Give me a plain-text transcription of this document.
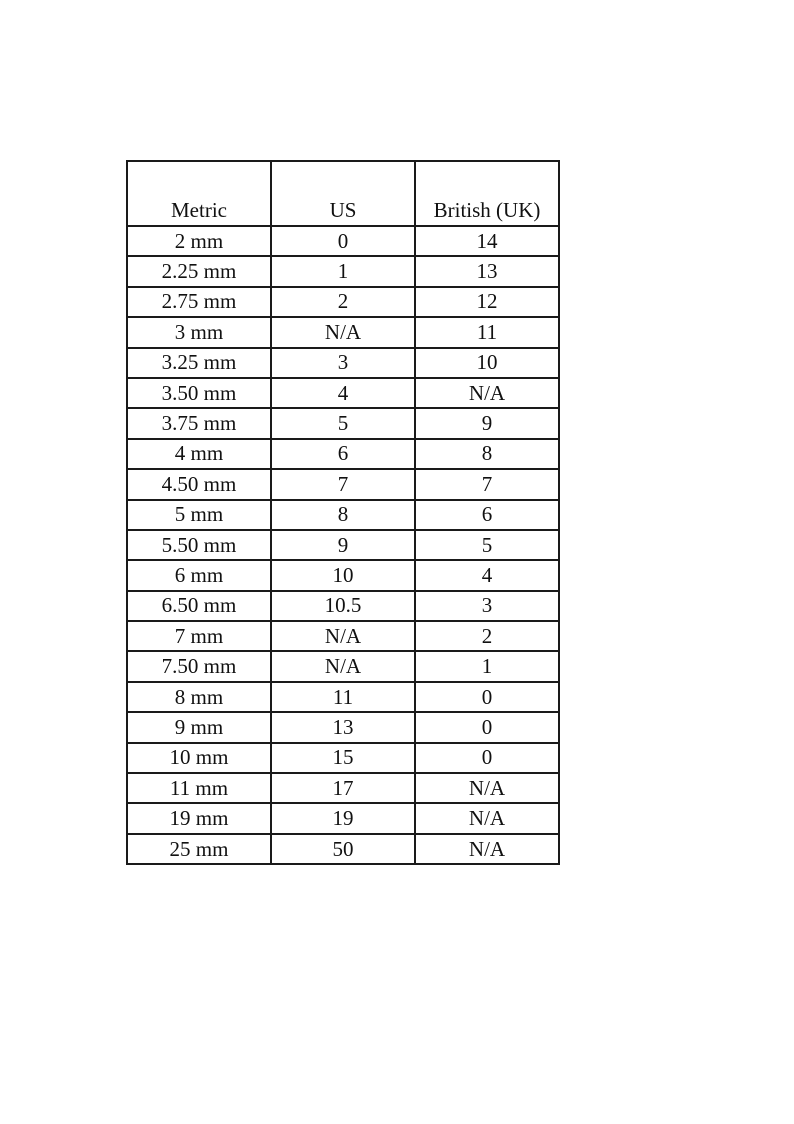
Metric	US	British (UK)
2 mm	0	14
2.25 mm	1	13
2.75 mm	2	12
3 mm	N/A	11
3.25 mm	3	10
3.50 mm	4	N/A
3.75 mm	5	9
4 mm	6	8
4.50 mm	7	7
5 mm	8	6
5.50 mm	9	5
6 mm	10	4
6.50 mm	10.5	3
7 mm	N/A	2
7.50 mm	N/A	1
8 mm	11	0
9 mm	13	0
10 mm	15	0
11 mm	17	N/A
19 mm	19	N/A
25 mm	50	N/A
